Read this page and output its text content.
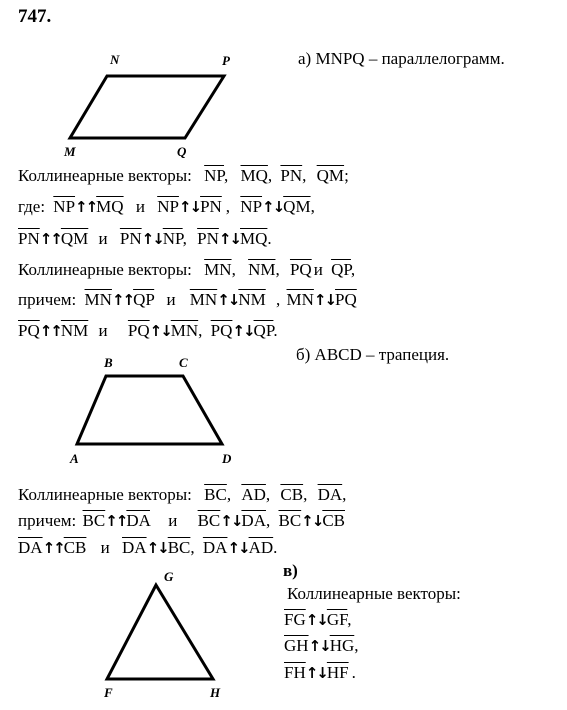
747.
N	P
M	Q
а) MNPQ – параллелограмм.
Коллинеарные векторы: $\overline{NP}$, $\overline{MQ}$, $\overline{PN}$, $\overline{QM}$;
где: $\overline{NP}↑↑\overline{MQ}$ и $\overline{NP}↑↓\overline{PN}$ , $\overline{NP}↑↓\overline{QM}$,
$\overline{PN}↑↑\overline{QM}$ и $\overline{PN}↑↓\overline{NP}$, $\overline{PN}↑↓\overline{MQ}$.
Коллинеарные векторы: $\overline{MN}$, $\overline{NM}$, $\overline{PQ}$ и $\overline{QP}$,
причем: $\overline{MN}↑↑\overline{QP}$ и $\overline{MN}↑↓\overline{NM}$ , $\overline{MN}↑↓\overline{PQ}$
$\overline{PQ}↑↑\overline{NM}$ и $\overline{PQ}↑↓\overline{MN}$, $\overline{PQ}↑↓\overline{QP}$.
B	C
A	D
б) ABCD – трапеция.
Коллинеарные векторы: $\overline{BC}$, $\overline{AD}$, $\overline{CB}$, $\overline{DA}$,
причем: $\overline{BC}↑↑\overline{DA}$ и $\overline{BC}↑↓\overline{DA}$, $\overline{BC}↑↓\overline{CB}$
$\overline{DA}↑↑\overline{CB}$ и $\overline{DA}↑↓\overline{BC}$, $\overline{DA}↑↓\overline{AD}$.
G
F	H
в)
Коллинеарные векторы:
$\overline{FG}↑↓\overline{GF}$,
$\overline{GH}↑↓\overline{HG}$,
$\overline{FH}↑↓\overline{HF}$ .
